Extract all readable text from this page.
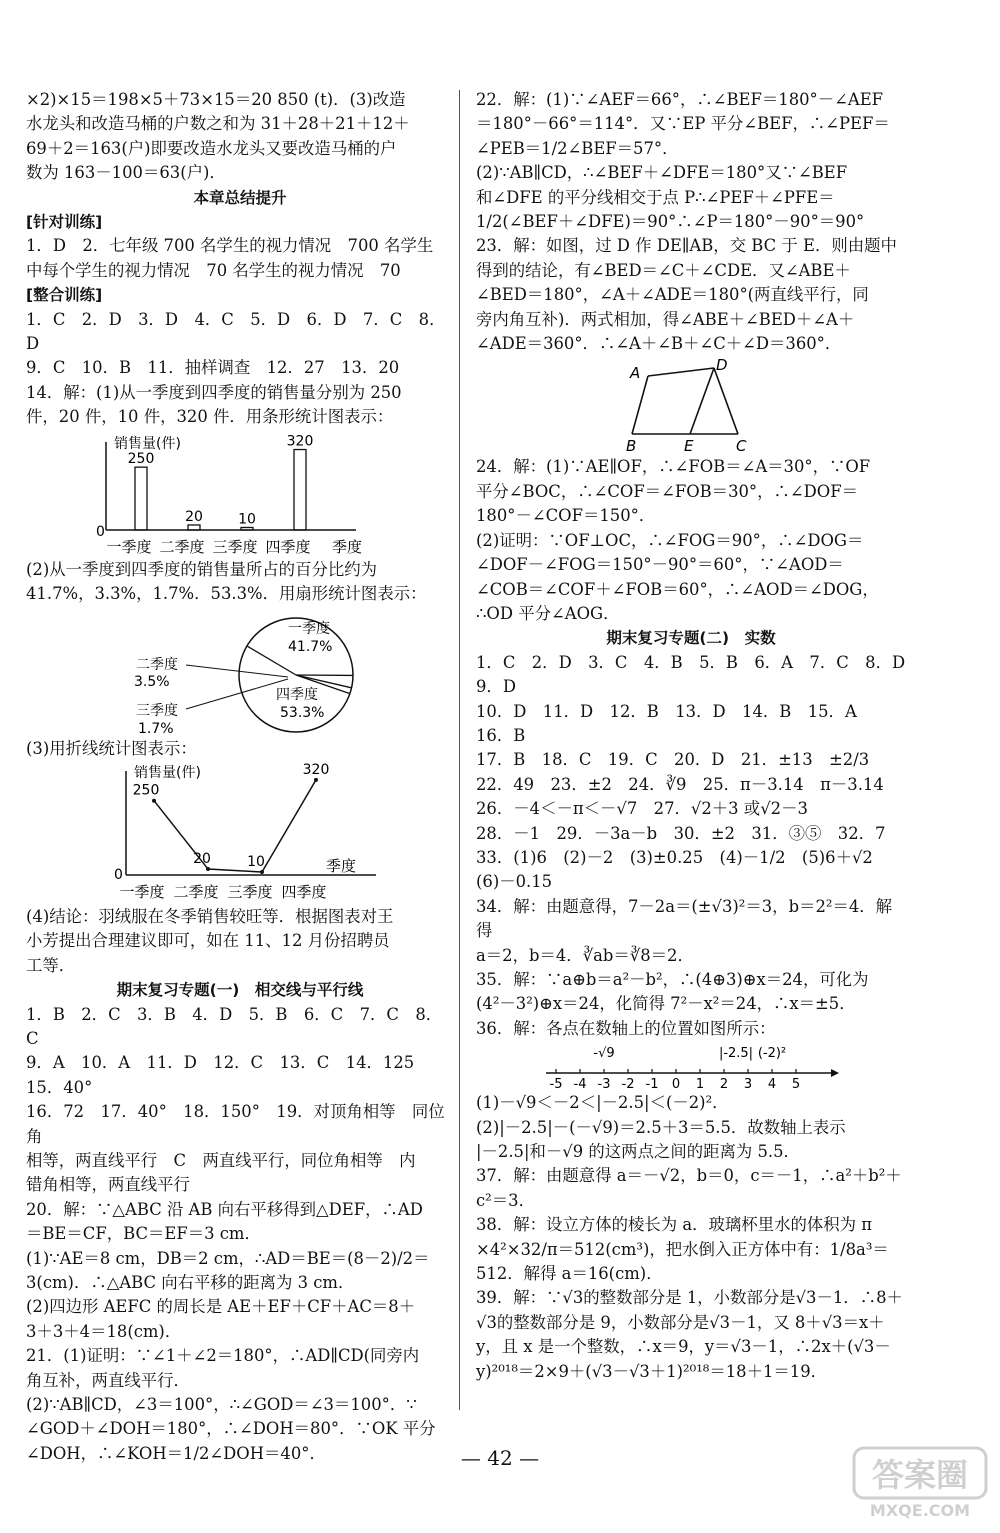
×2)×15＝198×5＋73×15＝20 850 (t)．(3)改造

水龙头和改造马桶的户数之和为 31＋28＋21＋12＋

69＋2＝163(户)即要改造水龙头又要改造马桶的户

数为 163－100＝63(户)．

本章总结提升

[针对训练]

1．D　2．七年级 700 名学生的视力情况　700 名学生

中每个学生的视力情况　70 名学生的视力情况　70

[整合训练]

1．C　2．D　3．D　4．C　5．D　6．D　7．C　8．D

9．C　10．B　11．抽样调查　12．27　13．20

14．解：(1)从一季度到四季度的销售量分别为 250

件，20 件，10 件，320 件．用条形统计图表示：

销售量(件)
0
季度
250
一季度
20
二季度
10
三季度
320
四季度

(2)从一季度到四季度的销售量所占的百分比约为

41.7%，3.3%，1.7%．53.3%．用扇形统计图表示：

一季度
41.7%
二季度
3.5%
四季度
53.3%
三季度
1.7%

(3)用折线统计图表示：

销售量(件)
0	季度
250
一季度
20
二季度
10
三季度
320
四季度

(4)结论：羽绒服在冬季销售较旺等．根据图表对王

小芳提出合理建议即可，如在 11、12 月份招聘员

工等．

期末复习专题(一)　相交线与平行线

1．B　2．C　3．B　4．D　5．B　6．C　7．C　8．C

9．A　10．A　11．D　12．C　13．C　14．125　15．40°

16．72　17．40°　18．150°　19．对顶角相等　同位角

相等，两直线平行　C　两直线平行，同位角相等　内

错角相等，两直线平行

20．解：∵△ABC 沿 AB 向右平移得到△DEF，∴AD

＝BE＝CF，BC＝EF＝3 cm．

(1)∵AE＝8 cm，DB＝2 cm，∴AD＝BE＝(8－2)/2＝

3(cm)．∴△ABC 向右平移的距离为 3 cm．

(2)四边形 AEFC 的周长是 AE＋EF＋CF＋AC＝8＋

3＋3＋4＝18(cm)．

21．(1)证明：∵∠1＋∠2＝180°，∴AD∥CD(同旁内

角互补，两直线平行．

(2)∵AB∥CD，∠3＝100°，∴∠GOD＝∠3＝100°．∵

∠GOD＋∠DOH＝180°，∴∠DOH＝80°．∵OK 平分

∠DOH，∴∠KOH＝1/2∠DOH＝40°．

22．解：(1)∵∠AEF＝66°，∴∠BEF＝180°－∠AEF

＝180°－66°＝114°．又∵EP 平分∠BEF，∴∠PEF＝

∠PEB＝1/2∠BEF＝57°．

(2)∵AB∥CD，∴∠BEF＋∠DFE＝180°又∵∠BEF

和∠DFE 的平分线相交于点 P∴∠PEF＋∠PFE＝

1/2(∠BEF＋∠DFE)＝90°∴∠P＝180°－90°＝90°

23．解：如图，过 D 作 DE∥AB，交 BC 于 E．则由题中

得到的结论，有∠BED＝∠C＋∠CDE．又∠ABE＋

∠BED＝180°，∠A＋∠ADE＝180°(两直线平行，同

旁内角互补)．两式相加，得∠ABE＋∠BED＋∠A＋

∠ADE＝360°．∴∠A＋∠B＋∠C＋∠D＝360°．

A	D
B	E	C

24．解：(1)∵AE∥OF，∴∠FOB＝∠A＝30°，∵OF

平分∠BOC，∴∠COF＝∠FOB＝30°，∴∠DOF＝

180°－∠COF＝150°．

(2)证明：∵OF⊥OC，∴∠FOG＝90°，∴∠DOG＝

∠DOF－∠FOG＝150°－90°＝60°，∵∠AOD＝

∠COB＝∠COF＋∠FOB＝60°，∴∠AOD＝∠DOG，

∴OD 平分∠AOG．

期末复习专题(二)　实数

1．C　2．D　3．C　4．B　5．B　6．A　7．C　8．D　9．D

10．D　11．D　12．B　13．D　14．B　15．A　16．B

17．B　18．C　19．C　20．D　21．±13　±2/3

22．49　23．±2　24．∛9　25．π－3.14　π－3.14

26．－4＜－π＜－√7　27．√2＋3 或√2－3

28．－1　29．－3a－b　30．±2　31．③⑤　32．7

33．(1)6　(2)－2　(3)±0.25　(4)－1/2　(5)6＋√2

(6)－0.15

34．解：由题意得，7－2a＝(±√3)²＝3，b＝2²＝4．解得

a＝2，b＝4．∛ab＝∛8＝2．

35．解：∵a⊕b＝a²－b²，∴(4⊕3)⊕x＝24，可化为

(4²－3²)⊕x＝24，化简得 7²－x²＝24，∴x＝±5．

36．解：各点在数轴上的位置如图所示：

-5 -4 -3 -2 -1 0 1 2 3 4 5
-√9	|-2.5| (-2)²

(1)－√9＜－2＜|－2.5|＜(－2)²．

(2)|－2.5|－(－√9)＝2.5＋3＝5.5．故数轴上表示

|－2.5|和－√9 的这两点之间的距离为 5.5．

37．解：由题意得 a＝－√2，b＝0，c＝－1，∴a²＋b²＋c²＝3．

38．解：设立方体的棱长为 a．玻璃杯里水的体积为 π

×4²×32/π＝512(cm³)，把水倒入正方体中有：1/8a³＝

512．解得 a＝16(cm)．

39．解：∵√3的整数部分是 1，小数部分是√3－1．∴8＋

√3的整数部分是 9，小数部分是√3－1，又 8＋√3＝x＋

y，且 x 是一个整数，∴x＝9，y＝√3－1，∴2x＋(√3－

y)²⁰¹⁸＝2×9＋(√3－√3＋1)²⁰¹⁸＝18＋1＝19．

— 42 —	答案圈
MXQE.COM
